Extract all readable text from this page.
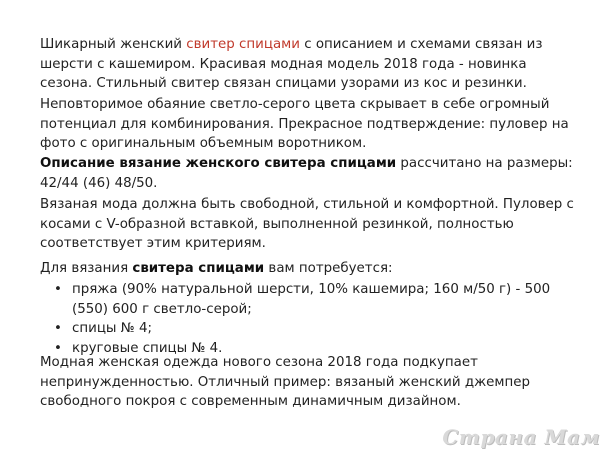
Шикарный женский свитер спицами с описанием и схемами связан из шерсти с кашемиром. Красивая модная модель 2018 года - новинка сезона. Стильный свитер связан спицами узорами из кос и резинки.

Неповторимое обаяние светло-серого цвета скрывает в себе огромный потенциал для комбинирования. Прекрасное подтверждение: пуловер на фото с оригинальным объемным воротником.

Описание вязание женского свитера спицами рассчитано на размеры: 42/44 (46) 48/50.

Вязаная мода должна быть свободной, стильной и комфортной. Пуловер с косами с V-образной вставкой, выполненной резинкой, полностью соответствует этим критериям.

Для вязания свитера спицами вам потребуется:

• пряжа (90% натуральной шерсти, 10% кашемира; 160 м/50 г) - 500 (550) 600 г светло-серой;
• спицы № 4;
• круговые спицы № 4.

Модная женская одежда нового сезона 2018 года подкупает непринужденностью. Отличный пример: вязаный женский джемпер свободного покроя с современным динамичным дизайном.

Страна Мам
